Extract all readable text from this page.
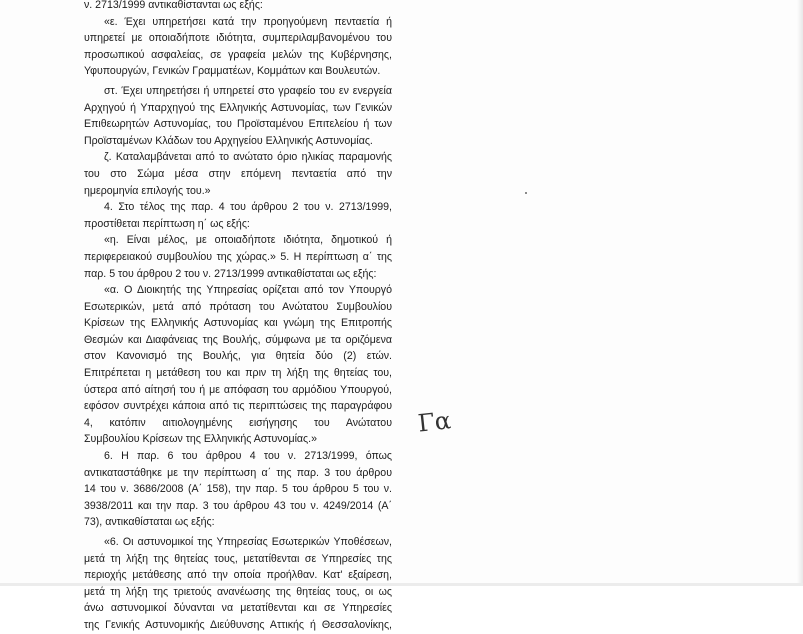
ν. 2713/1999 αντικαθίστανται ως εξής:
«ε. Έχει υπηρετήσει κατά την προηγούμενη πενταετία ή
υπηρετεί με οποιαδήποτε ιδιότητα, συμπεριλαμβανομένου του
προσωπικού ασφαλείας, σε γραφεία μελών της Κυβέρνησης,
Υφυπουργών, Γενικών Γραμματέων, Κομμάτων και Βουλευτών.
στ. Έχει υπηρετήσει ή υπηρετεί στο γραφείο του εν ενεργεία
Αρχηγού ή Υπαρχηγού της Ελληνικής Αστυνομίας, των Γενικών
Επιθεωρητών Αστυνομίας, του Προϊσταμένου Επιτελείου ή των
Προϊσταμένων Κλάδων του Αρχηγείου Ελληνικής Αστυνομίας.
ζ. Καταλαμβάνεται από το ανώτατο όριο ηλικίας παραμονής
του στο Σώμα μέσα στην επόμενη πενταετία από την
ημερομηνία επιλογής του.»
4. Στο τέλος της παρ. 4 του άρθρου 2 του ν. 2713/1999,
προστίθεται περίπτωση η΄ ως εξής:
«η. Είναι μέλος, με οποιαδήποτε ιδιότητα, δημοτικού ή
περιφερειακού συμβουλίου της χώρας.» 5. Η περίπτωση α΄ της
παρ. 5 του άρθρου 2 του ν. 2713/1999 αντικαθίσταται ως εξής:
«α. Ο Διοικητής της Υπηρεσίας ορίζεται από τον Υπουργό
Εσωτερικών, μετά από πρόταση του Ανώτατου Συμβουλίου
Κρίσεων της Ελληνικής Αστυνομίας και γνώμη της Επιτροπής
Θεσμών και Διαφάνειας της Βουλής, σύμφωνα με τα οριζόμενα
στον Κανονισμό της Βουλής, για θητεία δύο (2) ετών.
Επιτρέπεται η μετάθεση του και πριν τη λήξη της θητείας του,
ύστερα από αίτησή του ή με απόφαση του αρμόδιου Υπουργού,
εφόσον συντρέχει κάποια από τις περιπτώσεις της παραγράφου
4, κατόπιν αιτιολογημένης εισήγησης του Ανώτατου
Συμβουλίου Κρίσεων της Ελληνικής Αστυνομίας.»
6. Η παρ. 6 του άρθρου 4 του ν. 2713/1999, όπως
αντικαταστάθηκε με την περίπτωση α΄ της παρ. 3 του άρθρου
14 του ν. 3686/2008 (Α΄ 158), την παρ. 5 του άρθρου 5 του ν.
3938/2011 και την παρ. 3 του άρθρου 43 του ν. 4249/2014 (Α΄
73), αντικαθίσταται ως εξής:
«6. Οι αστυνομικοί της Υπηρεσίας Εσωτερικών Υποθέσεων,
μετά τη λήξη της θητείας τους, μετατίθενται σε Υπηρεσίες της
περιοχής μετάθεσης από την οποία προήλθαν. Κατ' εξαίρεση,
μετά τη λήξη της τριετούς ανανέωσης της θητείας τους, οι ως
άνω αστυνομικοί δύνανται να μετατίθενται και σε Υπηρεσίες
της Γενικής Αστυνομικής Διεύθυνσης Αττικής ή Θεσσαλονίκης,
Γα
